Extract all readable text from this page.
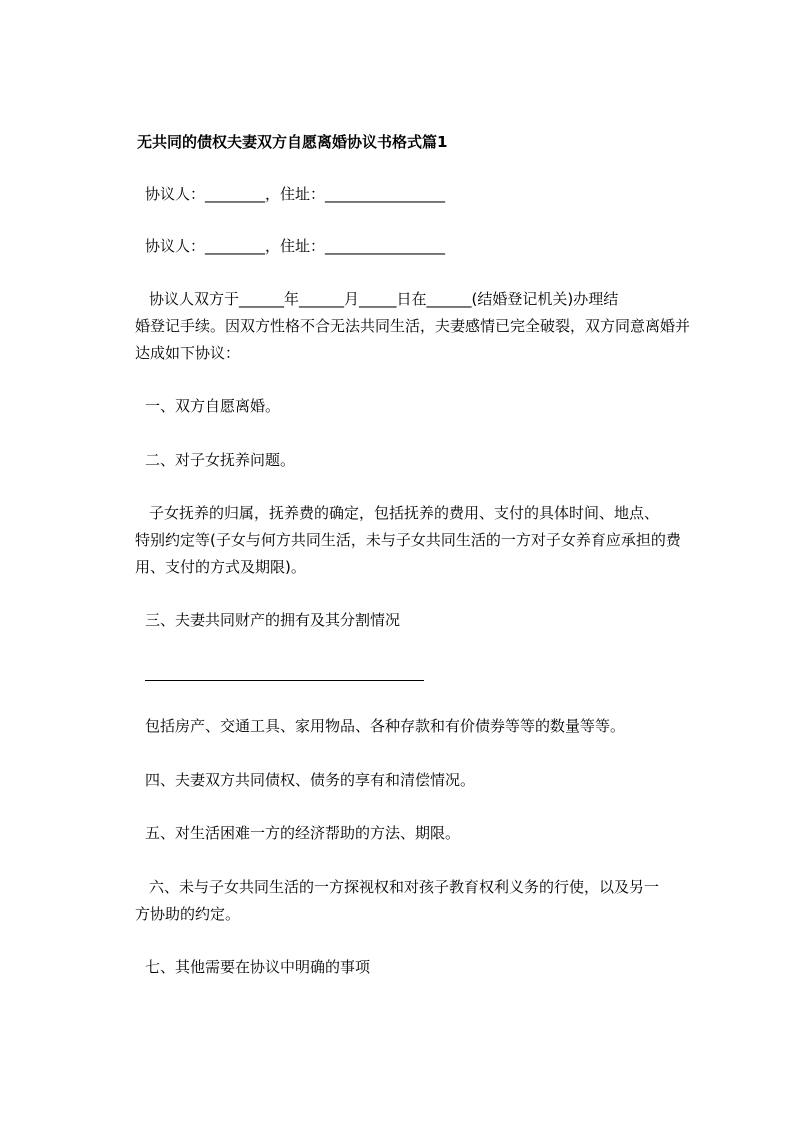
无共同的债权夫妻双方自愿离婚协议书格式篇1
协议人：________，住址：________________
协议人：________，住址：________________
协议人双方于______年______月_____日在______(结婚登记机关)办理结
婚登记手续。因双方性格不合无法共同生活，夫妻感情已完全破裂，双方同意离婚并
达成如下协议：
一、双方自愿离婚。
二、对子女抚养问题。
子女抚养的归属，抚养费的确定，包括抚养的费用、支付的具体时间、地点、
特别约定等(子女与何方共同生活，未与子女共同生活的一方对子女养育应承担的费
用、支付的方式及期限)。
三、夫妻共同财产的拥有及其分割情况
包括房产、交通工具、家用物品、各种存款和有价债券等等的数量等等。
四、夫妻双方共同债权、债务的享有和清偿情况。
五、对生活困难一方的经济帮助的方法、期限。
六、未与子女共同生活的一方探视权和对孩子教育权利义务的行使，以及另一
方协助的约定。
七、其他需要在协议中明确的事项
